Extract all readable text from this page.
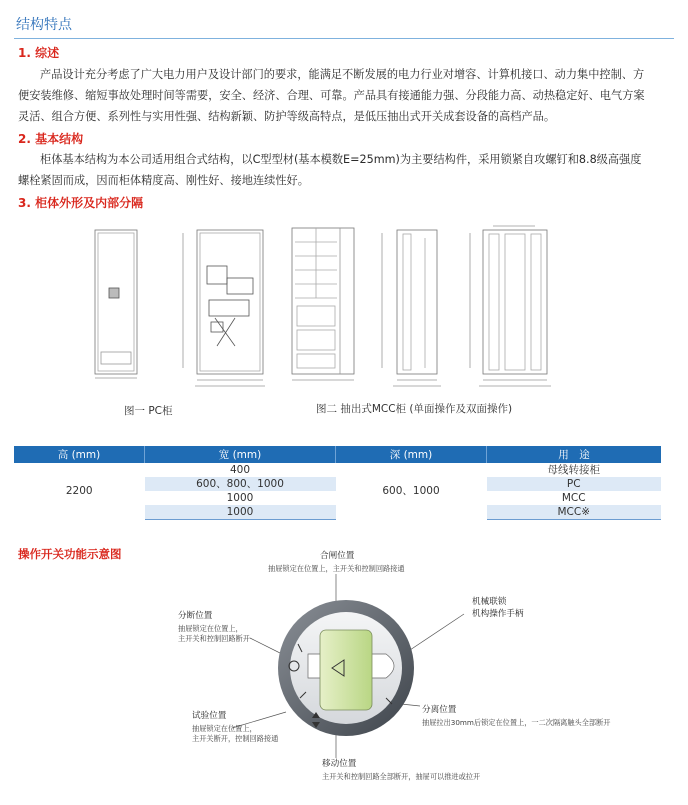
结构特点
1. 综述
产品设计充分考虑了广大电力用户及设计部门的要求，能满足不断发展的电力行业对增容、计算机接口、动力集中控制、方
便安装维修、缩短事故处理时间等需要，安全、经济、合理、可靠。产品具有接通能力强、分段能力高、动热稳定好、电气方案
灵活、组合方便、系列性与实用性强、结构新颖、防护等级高特点，是低压抽出式开关成套设备的高档产品。
2. 基本结构
柜体基本结构为本公司适用组合式结构，以C型型材(基本模数E=25mm)为主要结构件，采用锁紧自攻螺钉和8.8级高强度
螺栓紧固而成，因而柜体精度高、刚性好、接地连续性好。
3. 柜体外形及内部分隔
图一 PC柜	图二 抽出式MCC柜 (单面操作及双面操作)
高 (mm)	宽 (mm)	深 (mm)	用　途
2200	400	600、1000	母线转接柜
	600、800、1000		PC
	1000		MCC
	1000		MCC※
操作开关功能示意图	合闸位置
抽屉锁定在位置上，主开关和控制回路接通
机械联锁
机构操作手柄
分断位置
抽屉锁定在位置上，
主开关和控制回路断开
试验位置
抽屉锁定在位置上，
主开关断开，控制回路接通
分离位置
抽屉拉出30mm后锁定在位置上，一二次隔离触头全部断开
移动位置
主开关和控制回路全部断开，抽屉可以推进或拉开
